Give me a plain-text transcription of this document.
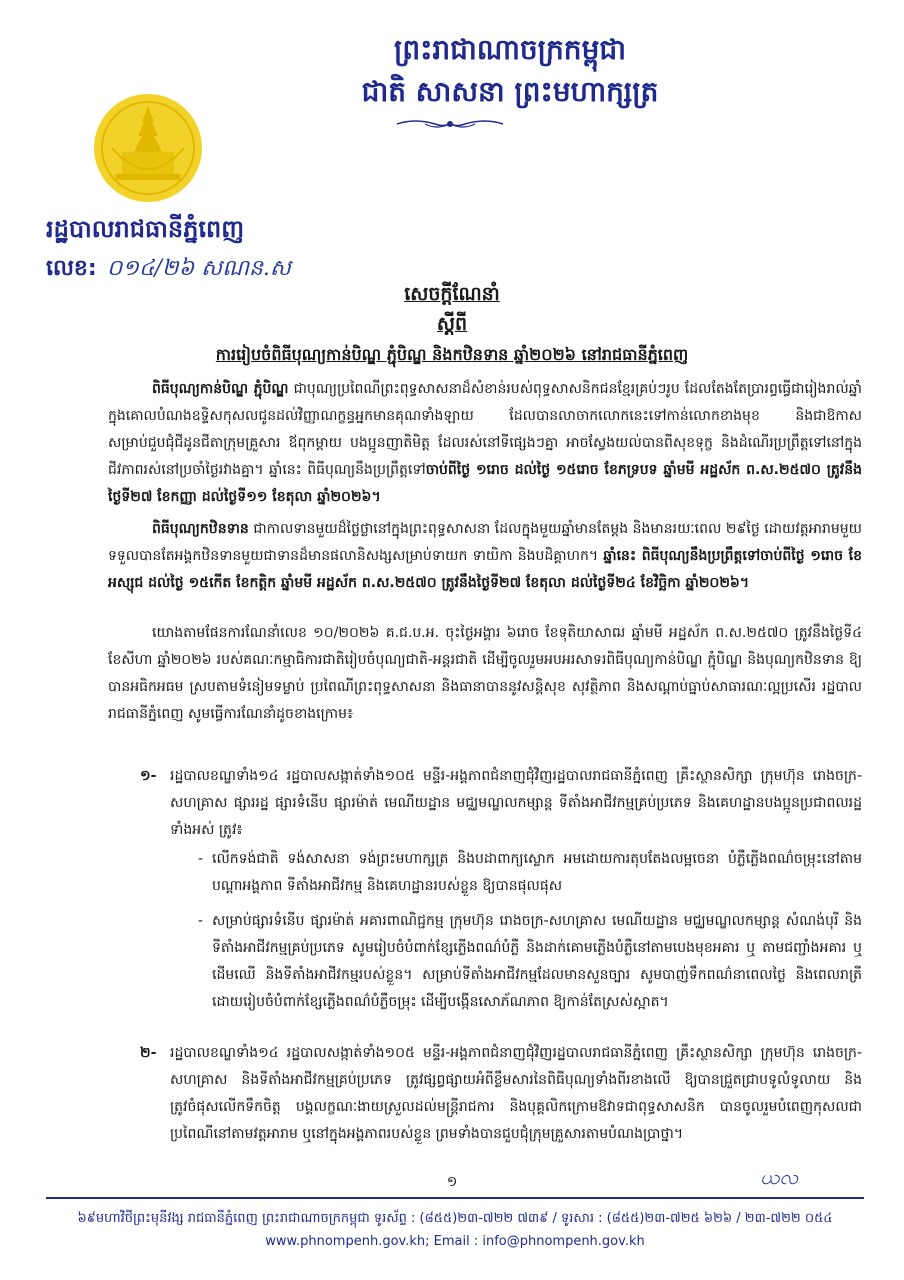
ព្រះរាជាណាចក្រកម្ពុជា
ជាតិ សាសនា ព្រះមហាក្សត្រ
រដ្ឋបាលរាជធានីភ្នំពេញ
លេខ: ០១៤/២៦ សណន.ស
សេចក្តីណែនាំ
ស្តីពី
ការរៀបចំពិធីបុណ្យកាន់បិណ្ឌ ភ្ជុំបិណ្ឌ និងកឋិនទាន ឆ្នាំ២០២៦ នៅរាជធានីភ្នំពេញ
ពិធីបុណ្យកាន់បិណ្ឌ ភ្ជុំបិណ្ឌ ជាបុណ្យប្រពៃណីព្រះពុទ្ធសាសនាដ៏សំខាន់របស់ពុទ្ធសាសនិកជនខ្មែរគ្រប់ៗរូប ដែលតែងតែប្រារព្ធធ្វើជារៀងរាល់ឆ្នាំ ក្នុងគោលបំណងឧទ្ទិសកុសលជូនដល់វិញ្ញាណក្ខន្ធអ្នកមានគុណទាំងឡាយ ដែលបានលាចាកលោកនេះទៅកាន់លោកខាងមុខ និងជាឱកាសសម្រាប់ជួបជុំជីដូនជីតាក្រុមគ្រួសារ ឪពុកម្ដាយ បងប្អូនញាតិមិត្ត ដែលរស់នៅទីផ្សេងៗគ្នា អាចស្វែងយល់បានពីសុខទុក្ខ និងដំណើរប្រព្រឹត្តទៅនៅក្នុងជីវភាពរស់នៅប្រចាំថ្ងៃរវាងគ្នា។ ឆ្នាំនេះ ពិធីបុណ្យនឹងប្រព្រឹត្តទៅចាប់ពីថ្ងៃ ១រោច ដល់ថ្ងៃ ១៥រោច ខែភទ្របទ ឆ្នាំមមី អដ្ឋស័ក ព.ស.២៥៧០ ត្រូវនឹងថ្ងៃទី២៧ ខែកញ្ញា ដល់ថ្ងៃទី១១ ខែតុលា ឆ្នាំ២០២៦។
ពិធីបុណ្យកឋិនទាន ជាកាលទានមួយដ៏ថ្លៃថ្លានៅក្នុងព្រះពុទ្ធសាសនា ដែលក្នុងមួយឆ្នាំមានតែម្ដង និងមានរយៈពេល ២៩ថ្ងៃ ដោយវត្តអារាមមួយទទួលបានតែអង្គកឋិនទានមួយជាទានដ៏មានផលានិសង្សសម្រាប់ទាយក ទាយិកា និងបដិគ្គាហក។ ឆ្នាំនេះ ពិធីបុណ្យនឹងប្រព្រឹត្តទៅចាប់ពីថ្ងៃ ១រោច ខែអស្សុជ ដល់ថ្ងៃ ១៥កើត ខែកត្តិក ឆ្នាំមមី អដ្ឋស័ក ព.ស.២៥៧០ ត្រូវនឹងថ្ងៃទី២៧ ខែតុលា ដល់ថ្ងៃទី២៤ ខែវិច្ឆិកា ឆ្នាំ២០២៦។
យោងតាមផែនការណែនាំលេខ ១០/២០២៦ គ.ជ.ប.អ. ចុះថ្ងៃអង្គារ ៦រោច ខែទុតិយាសាឍ ឆ្នាំមមី អដ្ឋស័ក ព.ស.២៥៧០ ត្រូវនឹងថ្ងៃទី៤ ខែសីហា ឆ្នាំ២០២៦ របស់គណៈកម្មាធិការជាតិរៀបចំបុណ្យជាតិ-អន្តរជាតិ ដើម្បីចូលរួមអបអរសាទរពិធីបុណ្យកាន់បិណ្ឌ ភ្ជុំបិណ្ឌ និងបុណ្យកឋិនទាន ឱ្យបានអធិកអធម ស្របតាមទំនៀមទម្លាប់ ប្រពៃណីព្រះពុទ្ធសាសនា និងធានាបាននូវសន្តិសុខ សុវត្ថិភាព និងសណ្តាប់ធ្នាប់សាធារណៈល្អប្រសើរ រដ្ឋបាលរាជធានីភ្នំពេញ សូមធ្វើការណែនាំដូចខាងក្រោម៖
១- រដ្ឋបាលខណ្ឌទាំង១៤ រដ្ឋបាលសង្កាត់ទាំង១០៥ មន្ទីរ-អង្គភាពជំនាញជុំវិញរដ្ឋបាលរាជធានីភ្នំពេញ គ្រឹះស្ថានសិក្សា ក្រុមហ៊ុន រោងចក្រ-សហគ្រាស ផ្សាររដ្ឋ ផ្សារទំនើប ផ្សារម៉ាត់ មេណីយដ្ឋាន មជ្ឈមណ្ឌលកម្សាន្ត ទីតាំងអាជីវកម្មគ្រប់ប្រភេទ និងគេហដ្ឋានបងប្អូនប្រជាពលរដ្ឋទាំងអស់ ត្រូវ៖
- លើកទង់ជាតិ ទង់សាសនា ទង់ព្រះមហាក្សត្រ និងបដាពាក្យស្លោក អមដោយការតុបតែងលម្អចេនា បំភ្លឺភ្លើងពណ៌ចម្រុះនៅតាមបណ្ដាអង្គភាព ទីតាំងអាជីវកម្ម និងគេហដ្ឋានរបស់ខ្លួន ឱ្យបានផុលផុស
- សម្រាប់ផ្សារទំនើប ផ្សារម៉ាត់ អគារពាណិជ្ជកម្ម ក្រុមហ៊ុន រោងចក្រ-សហគ្រាស មេណីយដ្ឋាន មជ្ឈមណ្ឌលកម្សាន្ត សំណង់បុរី និងទីតាំងអាជីវកម្មគ្រប់ប្រភេទ សូមរៀបចំបំពាក់ខ្សែភ្លើងពណ៌បំភ្លឺ និងដាក់គោមភ្លើងបំភ្លឺនៅតាមបេងមុខអគារ ឬ តាមជញ្ជាំងអគារ ឬ ដើមឈើ និងទីតាំងអាជីវកម្មរបស់ខ្លួន។ សម្រាប់ទីតាំងអាជីវកម្មដែលមានសួនច្បារ សូមបាញ់ទឹកពណ៌នាពេលថ្ងៃ និងពេលរាត្រី ដោយរៀបចំបំពាក់ខ្សែភ្លើងពណ៌បំភ្លឺចម្រុះ ដើម្បីបង្កើនសោភ័ណភាព ឱ្យកាន់តែស្រស់ស្អាត។
២- រដ្ឋបាលខណ្ឌទាំង១៤ រដ្ឋបាលសង្កាត់ទាំង១០៥ មន្ទីរ-អង្គភាពជំនាញជុំវិញរដ្ឋបាលរាជធានីភ្នំពេញ គ្រឹះស្ថានសិក្សា ក្រុមហ៊ុន រោងចក្រ-សហគ្រាស និងទីតាំងអាជីវកម្មគ្រប់ប្រភេទ ត្រូវផ្សព្វផ្សាយអំពីខ្លឹមសារនៃពិធីបុណ្យទាំងពីរខាងលើ ឱ្យបានជ្រួតជ្រាបទូលំទូលាយ និងត្រូវចំផុសលើកទឹកចិត្ត បង្គលក្ខណៈងាយស្រួលដល់មន្ត្រីរាជការ និងបុគ្គលិកក្រោមឱវាទជាពុទ្ធសាសនិក បានចូលរួមបំពេញកុសលជាប្រពៃណីនៅតាមវត្តអារាម ឬនៅក្នុងអង្គភាពរបស់ខ្លួន ព្រមទាំងបានជួបជុំក្រុមគ្រួសារតាមបំណងប្រាថ្នា។
១	ယလ
៦៩មហាវិថីព្រះមុនីវង្ស រាជធានីភ្នំពេញ ព្រះរាជាណាចក្រកម្ពុជា ទូរស័ព្ទ : (៨៥៥)២៣-៧២២ ៧៣៩ / ទូរសារ : (៨៥៥)២៣-៧២៥ ៦២៦ / ២៣-៧២២ ០៥៤
www.phnompenh.gov.kh; Email : info@phnompenh.gov.kh
